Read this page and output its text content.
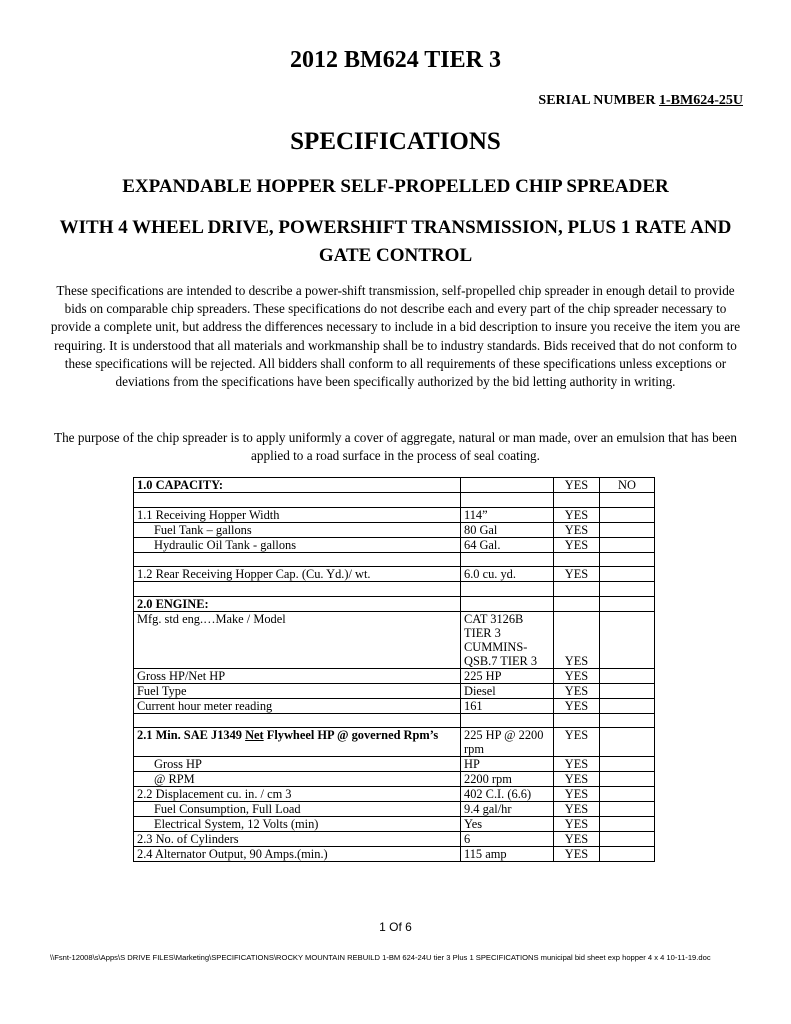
2012 BM624 TIER 3
SERIAL NUMBER 1-BM624-25U
SPECIFICATIONS
EXPANDABLE HOPPER SELF-PROPELLED CHIP SPREADER
WITH 4 WHEEL DRIVE, POWERSHIFT TRANSMISSION, PLUS 1 RATE AND GATE CONTROL

These specifications are intended to describe a power-shift transmission, self-propelled chip spreader in enough detail to provide bids on comparable chip spreaders. These specifications do not describe each and every part of the chip spreader necessary to provide a complete unit, but address the differences necessary to include in a bid description to insure you receive the item you are requiring. It is understood that all materials and workmanship shall be to industry standards. Bids received that do not conform to these specifications will be rejected. All bidders shall conform to all requirements of these specifications unless exceptions or deviations from the specifications have been specifically authorized by the bid letting authority in writing.

The purpose of the chip spreader is to apply uniformly a cover of aggregate, natural or man made, over an emulsion that has been applied to a road surface in the process of seal coating.

1.0 CAPACITY:		YES	NO

1.1 Receiving Hopper Width	114”	YES	
Fuel Tank – gallons	80 Gal	YES	
Hydraulic Oil Tank - gallons	64 Gal.	YES	

1.2 Rear Receiving Hopper Cap. (Cu. Yd.)/ wt.	6.0 cu. yd.	YES	

2.0 ENGINE:			
Mfg. std eng.…Make / Model	CAT 3126B TIER 3 CUMMINS-QSB.7 TIER 3	YES	
Gross HP/Net HP	225 HP	YES	
Fuel Type	Diesel	YES	
Current hour meter reading	161	YES	

2.1 Min. SAE J1349 Net Flywheel HP @ governed Rpm’s	225 HP @ 2200 rpm	YES	
Gross HP	HP	YES	
@ RPM	2200 rpm	YES	
2.2 Displacement cu. in. / cm 3	402 C.I. (6.6)	YES	
Fuel Consumption, Full Load	9.4 gal/hr	YES	
Electrical System, 12 Volts (min)	Yes	YES	
2.3 No. of Cylinders	6	YES	
2.4 Alternator Output, 90 Amps.(min.)	115 amp	YES	
1 Of 6
\\Fsnt-12008\s\Apps\S DRIVE FILES\Marketing\SPECIFICATIONS\ROCKY MOUNTAIN REBUILD 1-BM 624-24U tier 3 Plus 1 SPECIFICATIONS municipal bid sheet exp hopper 4 x 4 10-11-19.doc
